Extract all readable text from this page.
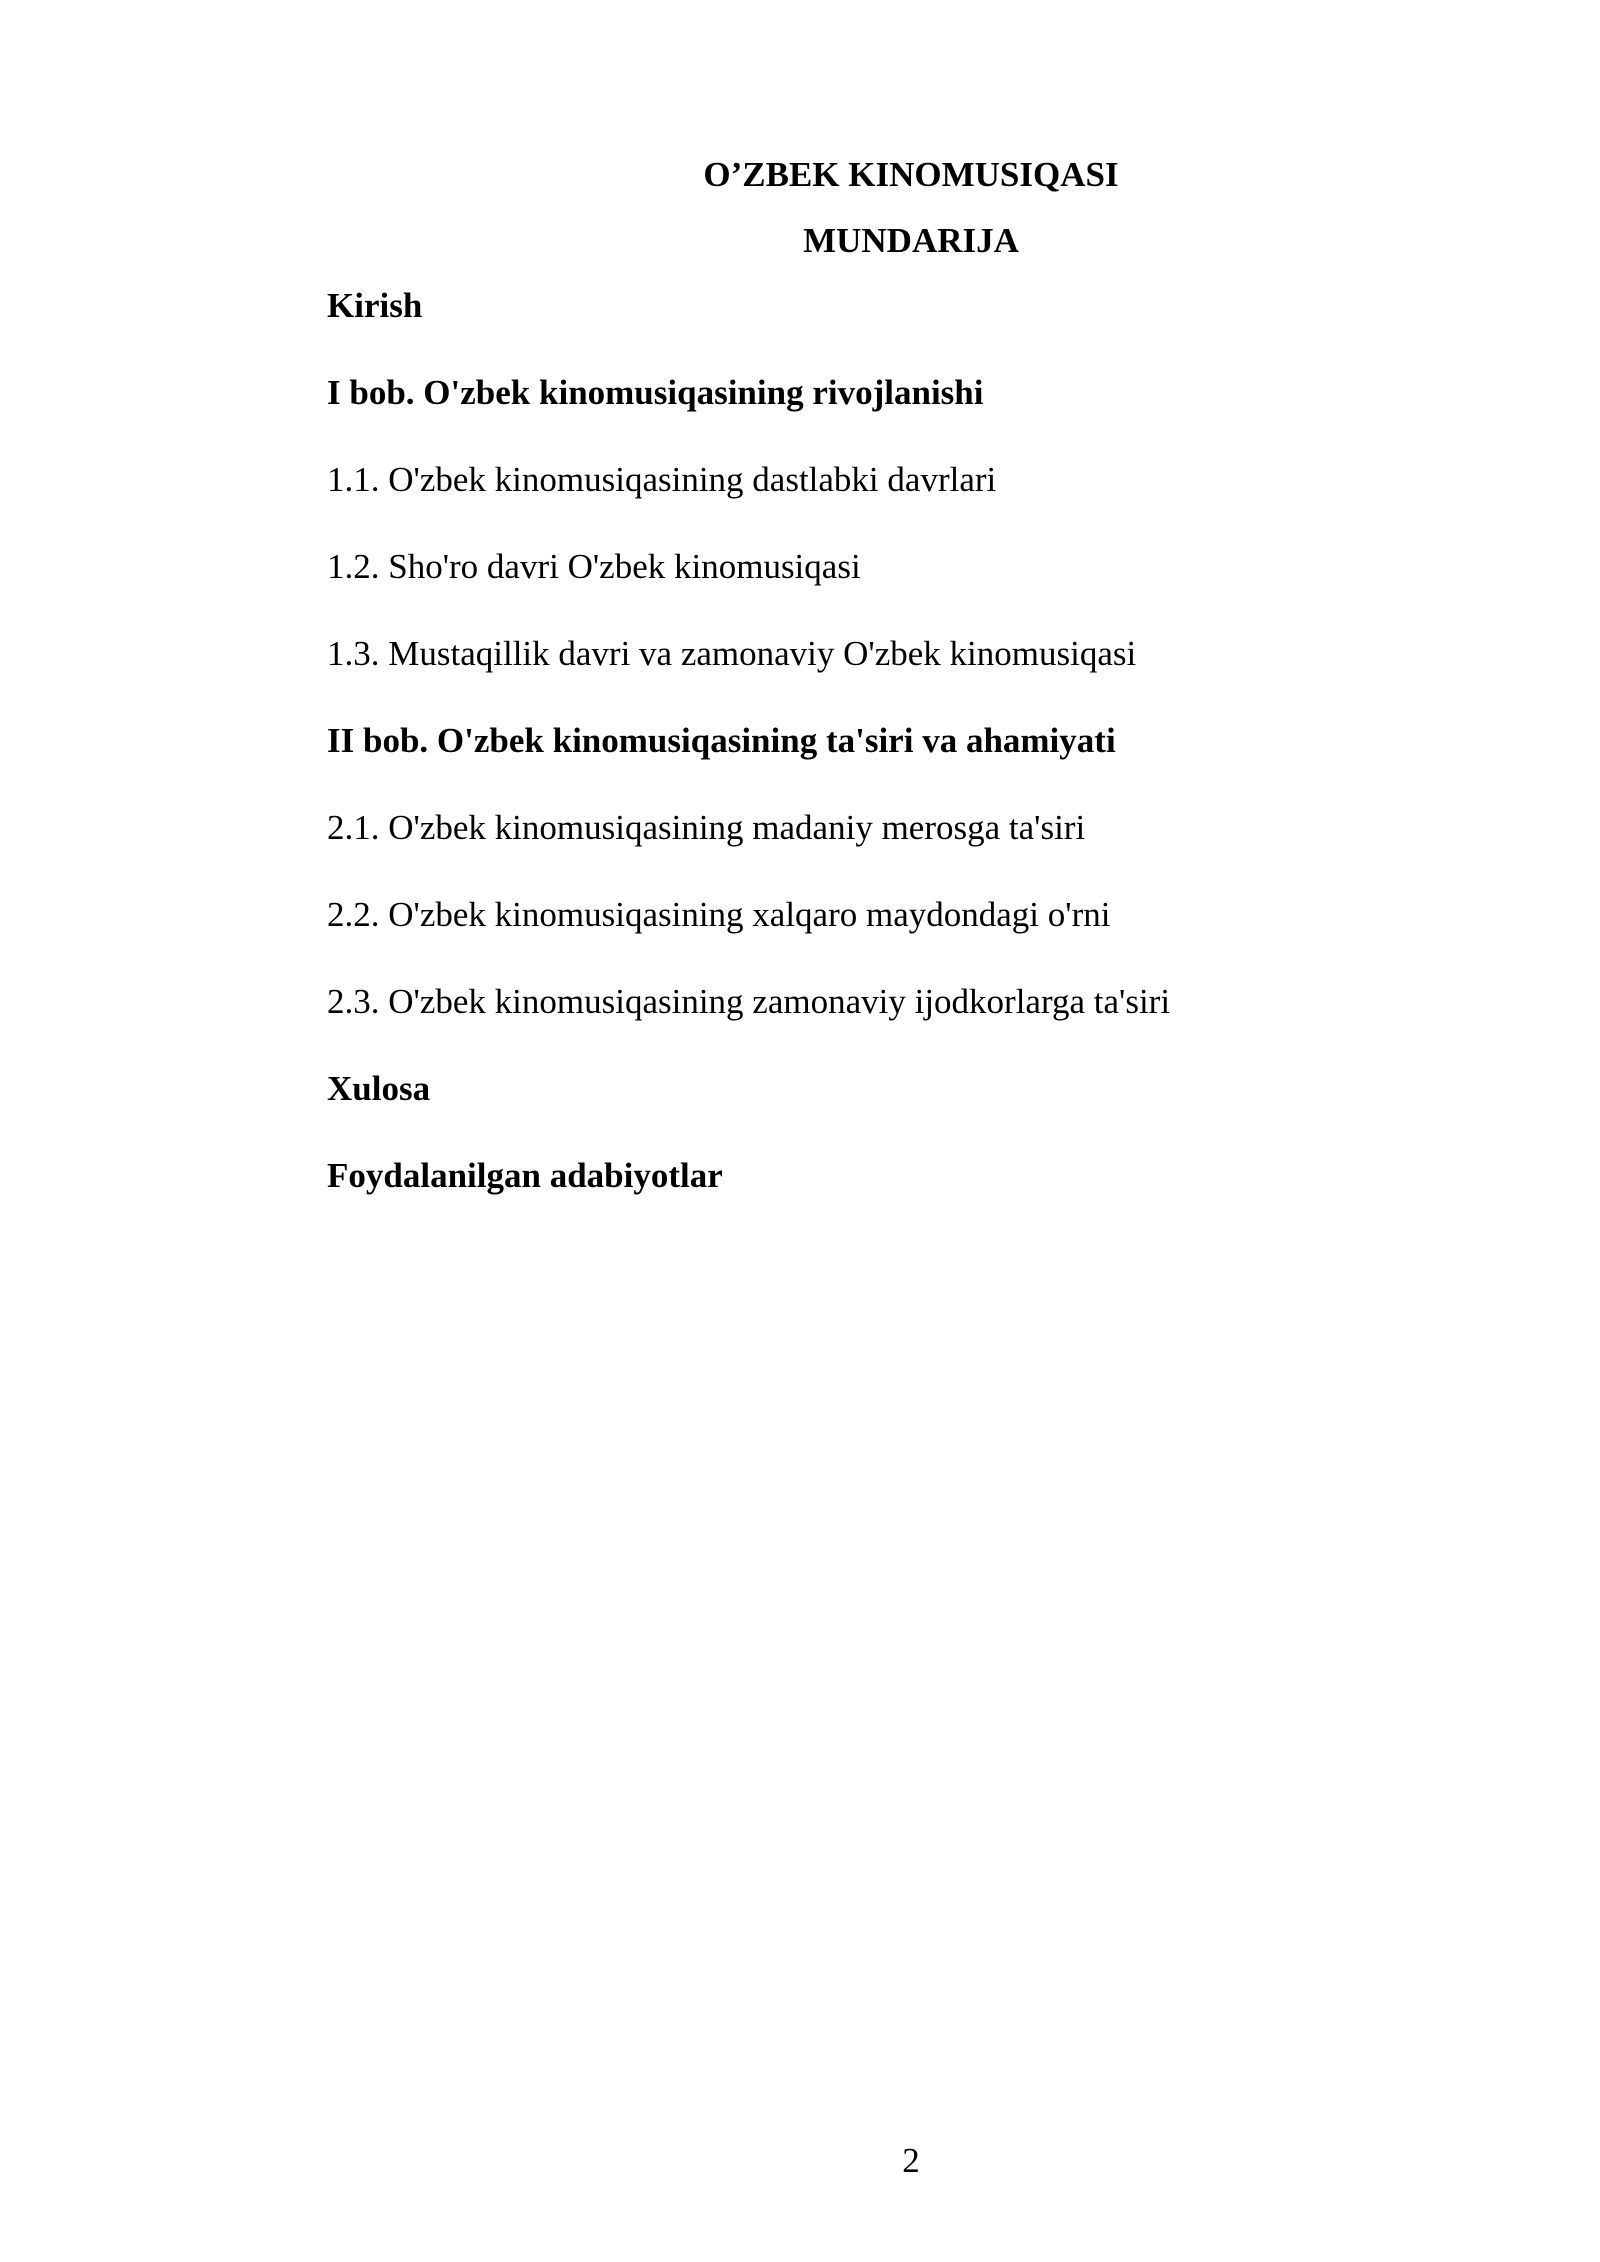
O’ZBEK KINOMUSIQASI
MUNDARIJA
Kirish
I bob. O'zbek kinomusiqasining rivojlanishi
1.1. O'zbek kinomusiqasining dastlabki davrlari
1.2. Sho'ro davri O'zbek kinomusiqasi
1.3. Mustaqillik davri va zamonaviy O'zbek kinomusiqasi
II bob. O'zbek kinomusiqasining ta'siri va ahamiyati
2.1. O'zbek kinomusiqasining madaniy merosga ta'siri
2.2. O'zbek kinomusiqasining xalqaro maydondagi o'rni
2.3. O'zbek kinomusiqasining zamonaviy ijodkorlarga ta'siri
Xulosa
Foydalanilgan adabiyotlar
2
